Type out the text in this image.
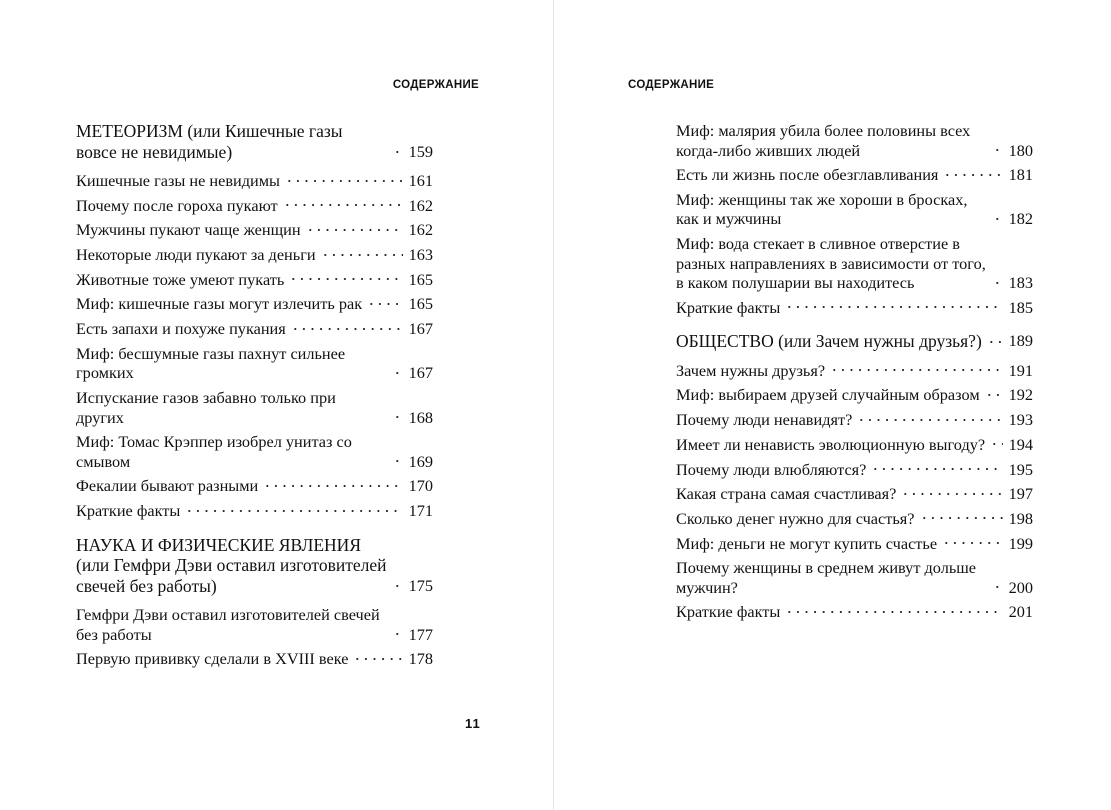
СОДЕРЖАНИЕ
МЕТЕОРИЗМ (или Кишечные газы вовсе не невидимые)	159
Кишечные газы не невидимы	161
Почему после гороха пукают	162
Мужчины пукают чаще женщин	162
Некоторые люди пукают за деньги	163
Животные тоже умеют пукать	165
Миф: кишечные газы могут излечить рак	165
Есть запахи и похуже пукания	167
Миф: бесшумные газы пахнут сильнее громких	167
Испускание газов забавно только при других	168
Миф: Томас Крэппер изобрел унитаз со смывом	169
Фекалии бывают разными	170
Краткие факты	171
НАУКА И ФИЗИЧЕСКИЕ ЯВЛЕНИЯ (или Гемфри Дэви оставил изготовителей свечей без работы)	175
Гемфри Дэви оставил изготовителей свечей без работы	177
Первую прививку сделали в XVIII веке	178
11
СОДЕРЖАНИЕ
Миф: малярия убила более половины всех когда-либо живших людей	180
Есть ли жизнь после обезглавливания	181
Миф: женщины так же хороши в бросках, как и мужчины	182
Миф: вода стекает в сливное отверстие в разных направлениях в зависимости от того, в каком полушарии вы находитесь	183
Краткие факты	185
ОБЩЕСТВО (или Зачем нужны друзья?) 189
Зачем нужны друзья?	191
Миф: выбираем друзей случайным образом 192
Почему люди ненавидят?	193
Имеет ли ненависть эволюционную выгоду? 194
Почему люди влюбляются?	195
Какая страна самая счастливая?	197
Сколько денег нужно для счастья?	198
Миф: деньги не могут купить счастье	199
Почему женщины в среднем живут дольше мужчин?	200
Краткие факты	201
